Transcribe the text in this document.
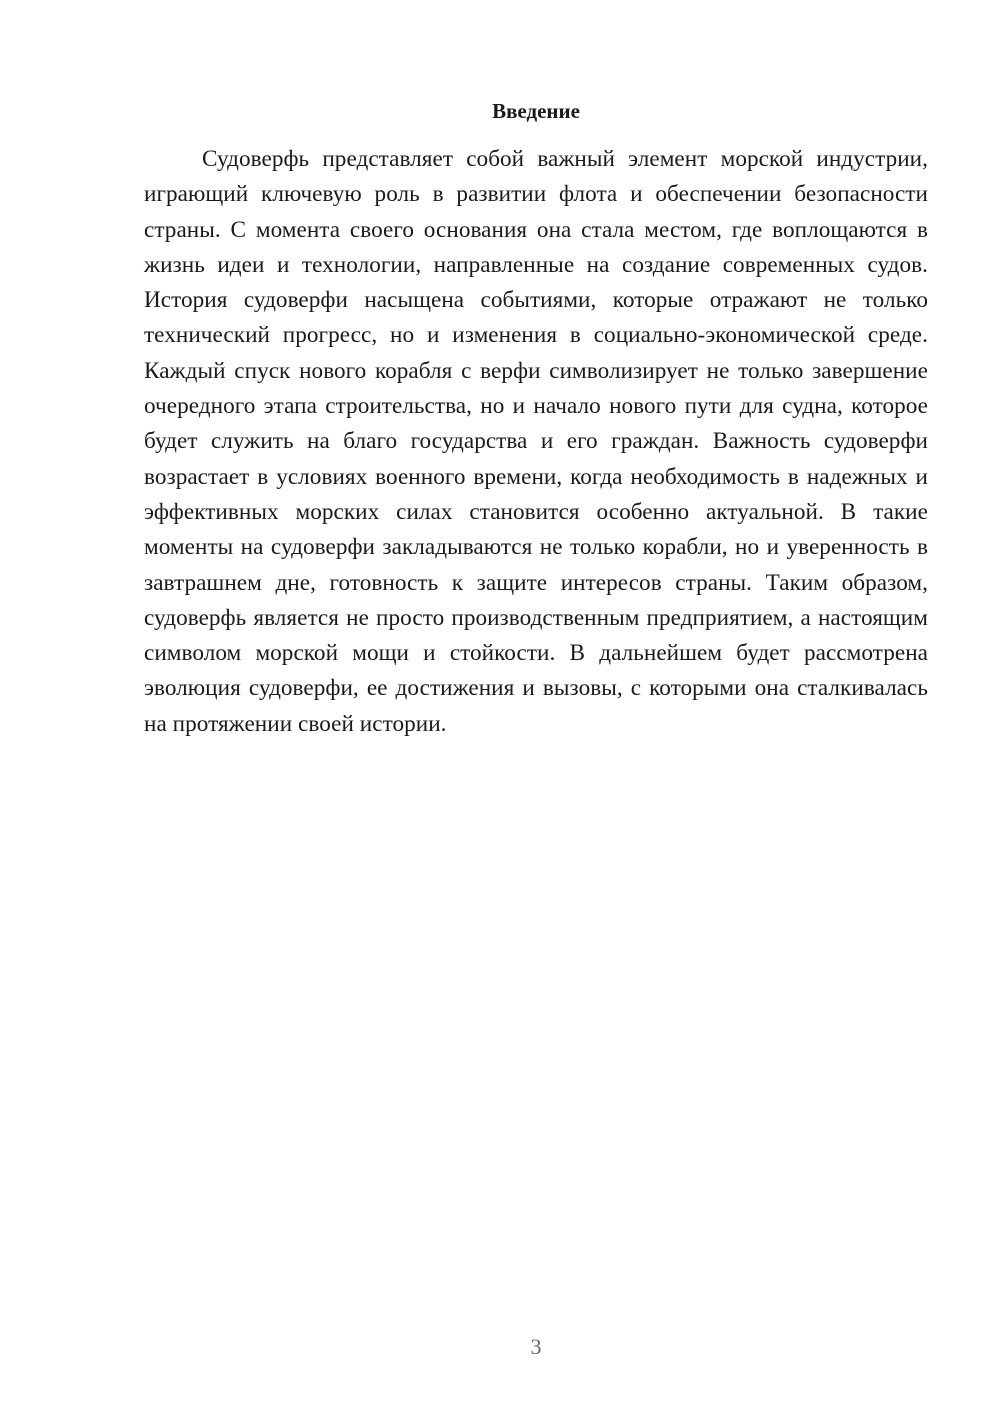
Введение

Судоверфь представляет собой важный элемент морской индустрии, играющий ключевую роль в развитии флота и обеспечении безопасности страны. С момента своего основания она стала местом, где воплощаются в жизнь идеи и технологии, направленные на создание современных судов. История судоверфи насыщена событиями, которые отражают не только технический прогресс, но и изменения в социально-экономической среде. Каждый спуск нового корабля с верфи символизирует не только завершение очередного этапа строительства, но и начало нового пути для судна, которое будет служить на благо государства и его граждан. Важность судоверфи возрастает в условиях военного времени, когда необходимость в надежных и эффективных морских силах становится особенно актуальной. В такие моменты на судоверфи закладываются не только корабли, но и уверенность в завтрашнем дне, готовность к защите интересов страны. Таким образом, судоверфь является не просто производственным предприятием, а настоящим символом морской мощи и стойкости. В дальнейшем будет рассмотрена эволюция судоверфи, ее достижения и вызовы, с которыми она сталкивалась на протяжении своей истории.

3
